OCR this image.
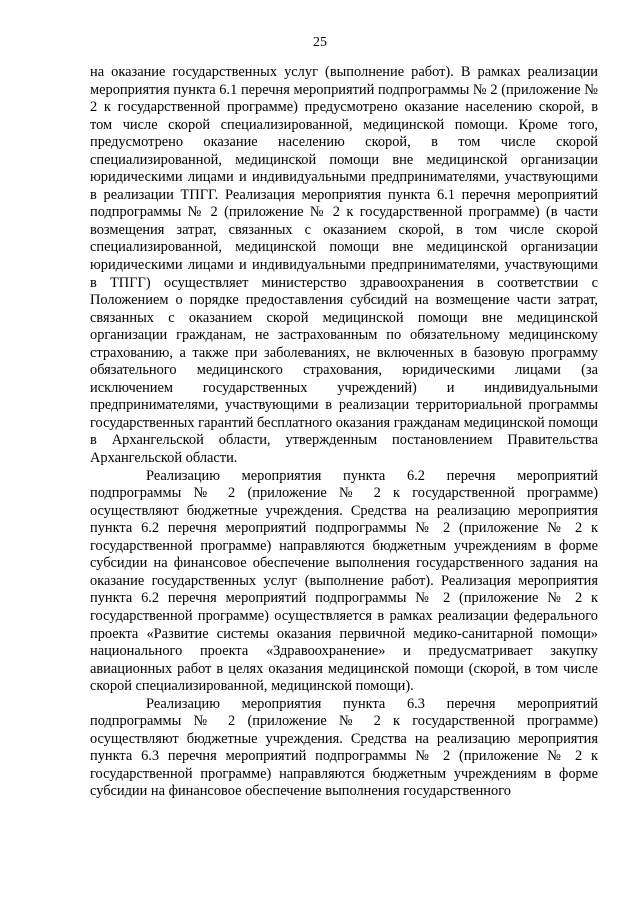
25

на оказание государственных услуг (выполнение работ). В рамках реализации мероприятия пункта 6.1 перечня мероприятий подпрограммы № 2 (приложение № 2 к государственной программе) предусмотрено оказание населению скорой, в том числе скорой специализированной, медицинской помощи. Кроме того, предусмотрено оказание населению скорой, в том числе скорой специализированной, медицинской помощи вне медицинской организации юридическими лицами и индивидуальными предпринимателями, участвующими в реализации ТПГГ. Реализация мероприятия пункта 6.1 перечня мероприятий подпрограммы № 2 (приложение № 2 к государственной программе) (в части возмещения затрат, связанных с оказанием скорой, в том числе скорой специализированной, медицинской помощи вне медицинской организации юридическими лицами и индивидуальными предпринимателями, участвующими в ТПГГ) осуществляет министерство здравоохранения в соответствии с Положением о порядке предоставления субсидий на возмещение части затрат, связанных с оказанием скорой медицинской помощи вне медицинской организации гражданам, не застрахованным по обязательному медицинскому страхованию, а также при заболеваниях, не включенных в базовую программу обязательного медицинского страхования, юридическими лицами (за исключением государственных учреждений) и индивидуальными предпринимателями, участвующими в реализации территориальной программы государственных гарантий бесплатного оказания гражданам медицинской помощи в Архангельской области, утвержденным постановлением Правительства Архангельской области.

Реализацию мероприятия пункта 6.2 перечня мероприятий подпрограммы № 2 (приложение № 2 к государственной программе) осуществляют бюджетные учреждения. Средства на реализацию мероприятия пункта 6.2 перечня мероприятий подпрограммы № 2 (приложение № 2 к государственной программе) направляются бюджетным учреждениям в форме субсидии на финансовое обеспечение выполнения государственного задания на оказание государственных услуг (выполнение работ). Реализация мероприятия пункта 6.2 перечня мероприятий подпрограммы № 2 (приложение № 2 к государственной программе) осуществляется в рамках реализации федерального проекта «Развитие системы оказания первичной медико-санитарной помощи» национального проекта «Здравоохранение» и предусматривает закупку авиационных работ в целях оказания медицинской помощи (скорой, в том числе скорой специализированной, медицинской помощи).

Реализацию мероприятия пункта 6.3 перечня мероприятий подпрограммы № 2 (приложение № 2 к государственной программе) осуществляют бюджетные учреждения. Средства на реализацию мероприятия пункта 6.3 перечня мероприятий подпрограммы № 2 (приложение № 2 к государственной программе) направляются бюджетным учреждениям в форме субсидии на финансовое обеспечение выполнения государственного
